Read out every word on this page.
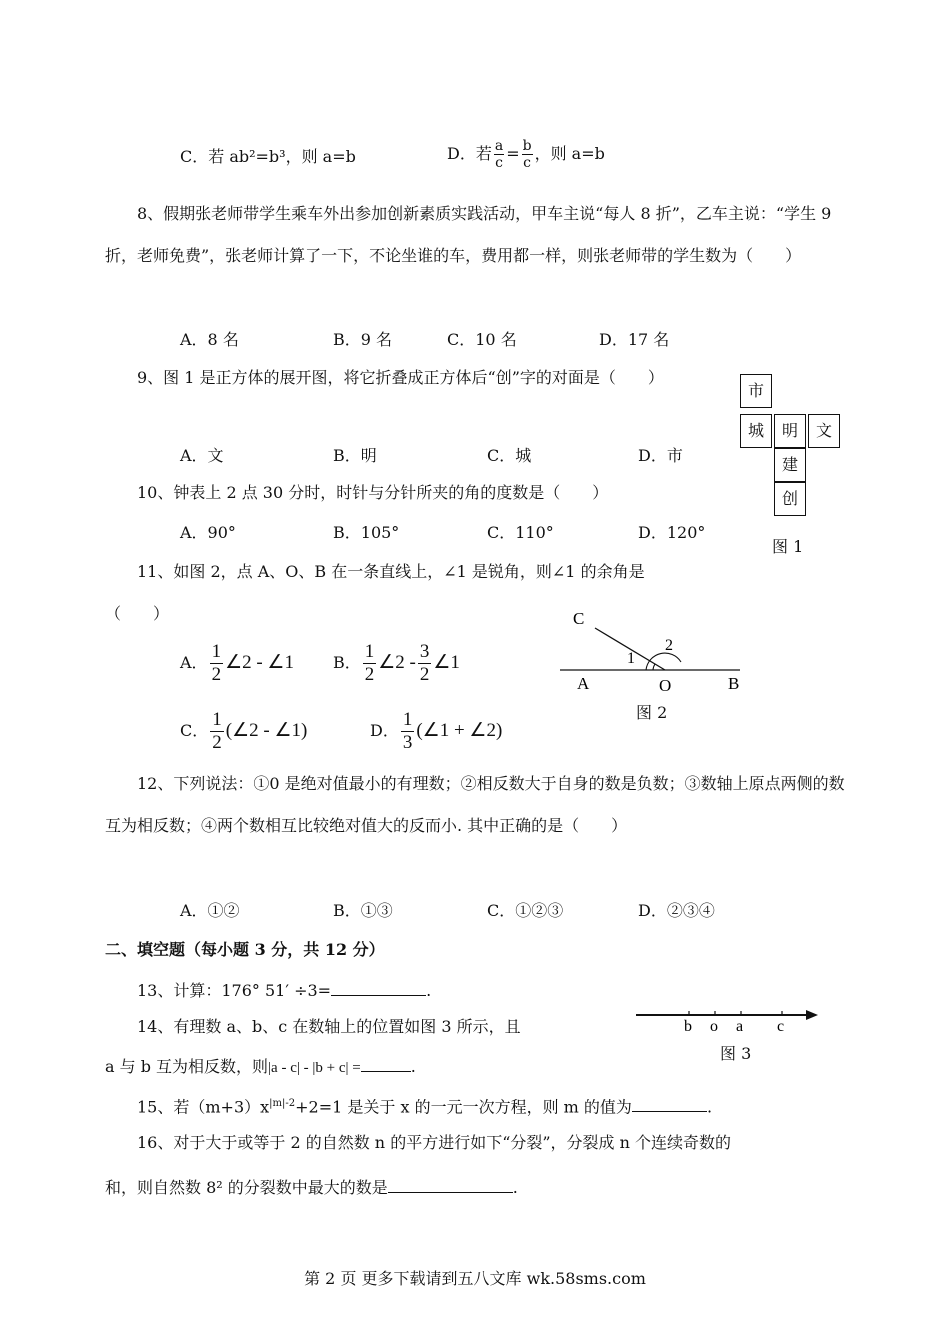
C．若 ab²=b³，则 a=b	D．若 $\frac{a}{c} = \frac{b}{c}$ ，则 a=b
8、假期张老师带学生乘车外出参加创新素质实践活动，甲车主说“每人 8 折”，乙车主说：“学生 9 折，老师免费”，张老师计算了一下，不论坐谁的车，费用都一样，则张老师带的学生数为（　　）
A．8 名	B．9 名	C．10 名	D．17 名
9、图 1 是正方体的展开图，将它折叠成正方体后“创”字的对面是（　　）
A．文	B．明	C．城	D．市
市
城	明	文
建
创
图 1
10、钟表上 2 点 30 分时，时针与分针所夹的角的度数是（　　）
A．90°	B．105°	C．110°	D．120°
11、如图 2，点 A、O、B 在一条直线上，∠1 是锐角，则∠1 的余角是（　　）
A． $\frac{1}{2}$ ∠2 - ∠1 B． $\frac{1}{2}$ ∠2 - $\frac{3}{2}$ ∠1
C． $\frac{1}{2}$ (∠2 - ∠1)	D． $\frac{1}{3}$ (∠1 + ∠2)
C
2
1
A	O	B
图 2
12、下列说法：①0 是绝对值最小的有理数；②相反数大于自身的数是负数；③数轴上原点两侧的数互为相反数；④两个数相互比较绝对值大的反而小. 其中正确的是（　　）
A．①②	B．①③	C．①②③	D．②③④
二、填空题（每小题 3 分，共 12 分）
13、计算：176° 51′ ÷3=	.
14、有理数 a、b、c 在数轴上的位置如图 3 所示，且
a 与 b 互为相反数，则|a - c| - |b + c| =	.
b o a c
图 3
15、若$(m+3)x^{|m|-2}+2=1$ 是关于 x 的一元一次方程，则 m 的值为	.
16、对于大于或等于 2 的自然数 n 的平方进行如下“分裂”，分裂成 n 个连续奇数的
和，则自然数 8² 的分裂数中最大的数是	.
第 2 页 更多下载请到五八文库 wk.58sms.com
